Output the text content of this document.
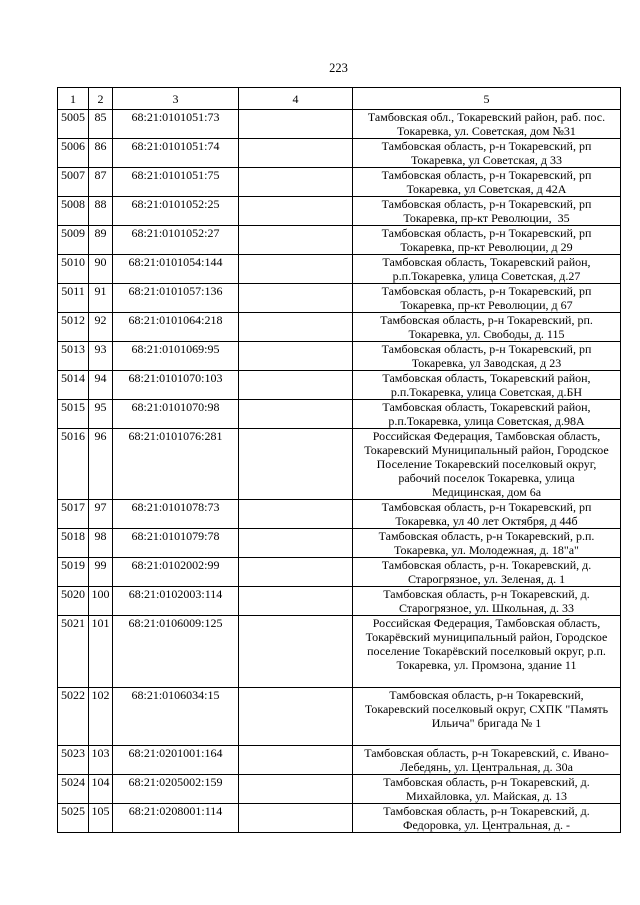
223
1	2	3	4	5
5005	85	68:21:0101051:73		Тамбовская обл., Токаревский район, раб. пос.
Токаревка, ул. Советская, дом №31

5006	86	68:21:0101051:74		Тамбовская область, р-н Токаревский, рп
Токаревка, ул Советская, д 33

5007	87	68:21:0101051:75		Тамбовская область, р-н Токаревский, рп
Токаревка, ул Советская, д 42А

5008	88	68:21:0101052:25		Тамбовская область, р-н Токаревский, рп
Токаревка, пр-кт Революции,  35

5009	89	68:21:0101052:27		Тамбовская область, р-н Токаревский, рп
Токаревка, пр-кт Революции, д 29

5010	90	68:21:0101054:144		Тамбовская область, Токаревский район,
р.п.Токаревка, улица Советская, д.27

5011	91	68:21:0101057:136		Тамбовская область, р-н Токаревский, рп
Токаревка, пр-кт Революции, д 67

5012	92	68:21:0101064:218		Тамбовская область, р-н Токаревский, рп.
Токаревка, ул. Свободы, д. 115

5013	93	68:21:0101069:95		Тамбовская область, р-н Токаревский, рп
Токаревка, ул Заводская, д 23

5014	94	68:21:0101070:103		Тамбовская область, Токаревский район,
р.п.Токаревка, улица Советская, д.БН

5015	95	68:21:0101070:98		Тамбовская область, Токаревский район,
р.п.Токаревка, улица Советская, д.98А

5016	96	68:21:0101076:281		Российская Федерация, Тамбовская область,
Токаревский Муниципальный район, Городское
Поселение Токаревский поселковый округ,
рабочий поселок Токаревка, улица
Медицинская, дом 6а

5017	97	68:21:0101078:73		Тамбовская область, р-н Токаревский, рп
Токаревка, ул 40 лет Октября, д 44б

5018	98	68:21:0101079:78		Тамбовская область, р-н Токаревский, р.п.
Токаревка, ул. Молодежная, д. 18"а"

5019	99	68:21:0102002:99		Тамбовская область, р-н. Токаревский, д.
Старогрязное, ул. Зеленая, д. 1

5020	100	68:21:0102003:114		Тамбовская область, р-н Токаревский, д.
Старогрязное, ул. Школьная, д. 33

5021	101	68:21:0106009:125		Российская Федерация, Тамбовская область,
Токарёвский муниципальный район, Городское
поселение Токарёвский поселковый округ, р.п.
Токаревка, ул. Промзона, здание 11

5022	102	68:21:0106034:15		Тамбовская область, р-н Токаревский,
Токаревский поселковый округ, СХПК "Память
Ильича" бригада № 1

5023	103	68:21:0201001:164		Тамбовская область, р-н Токаревский, с. Ивано-
Лебедянь, ул. Центральная, д. 30а

5024	104	68:21:0205002:159		Тамбовская область, р-н Токаревский, д.
Михайловка, ул. Майская, д. 13

5025	105	68:21:0208001:114		Тамбовская область, р-н Токаревский, д.
Федоровка, ул. Центральная, д. -
